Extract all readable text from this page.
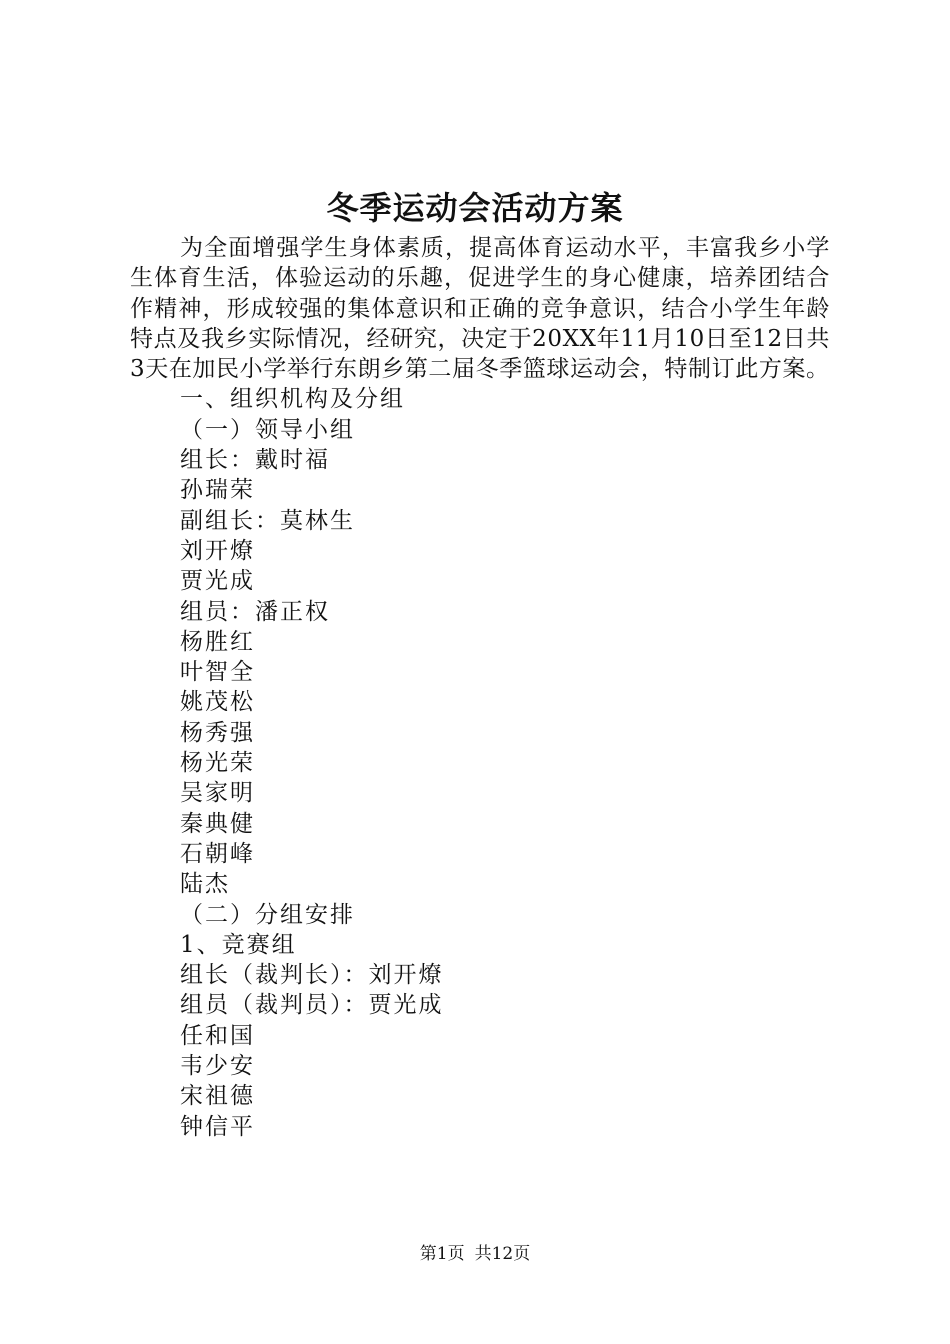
冬季运动会活动方案

为全面增强学生身体素质，提高体育运动水平，丰富我乡小学生体育生活，体验运动的乐趣，促进学生的身心健康，培养团结合作精神，形成较强的集体意识和正确的竞争意识，结合小学生年龄特点及我乡实际情况，经研究，决定于20XX年11月10日至12日共3天在加民小学举行东朗乡第二届冬季篮球运动会，特制订此方案。

一、组织机构及分组

（一）领导小组

组长：戴时福

孙瑞荣

副组长：莫林生

刘开燎

贾光成

组员：潘正权

杨胜红

叶智全

姚茂松

杨秀强

杨光荣

吴家明

秦典健

石朝峰

陆杰

（二）分组安排

1、竞赛组

组长（裁判长）：刘开燎

组员（裁判员）：贾光成

任和国

韦少安

宋祖德

钟信平

第1页 共12页
